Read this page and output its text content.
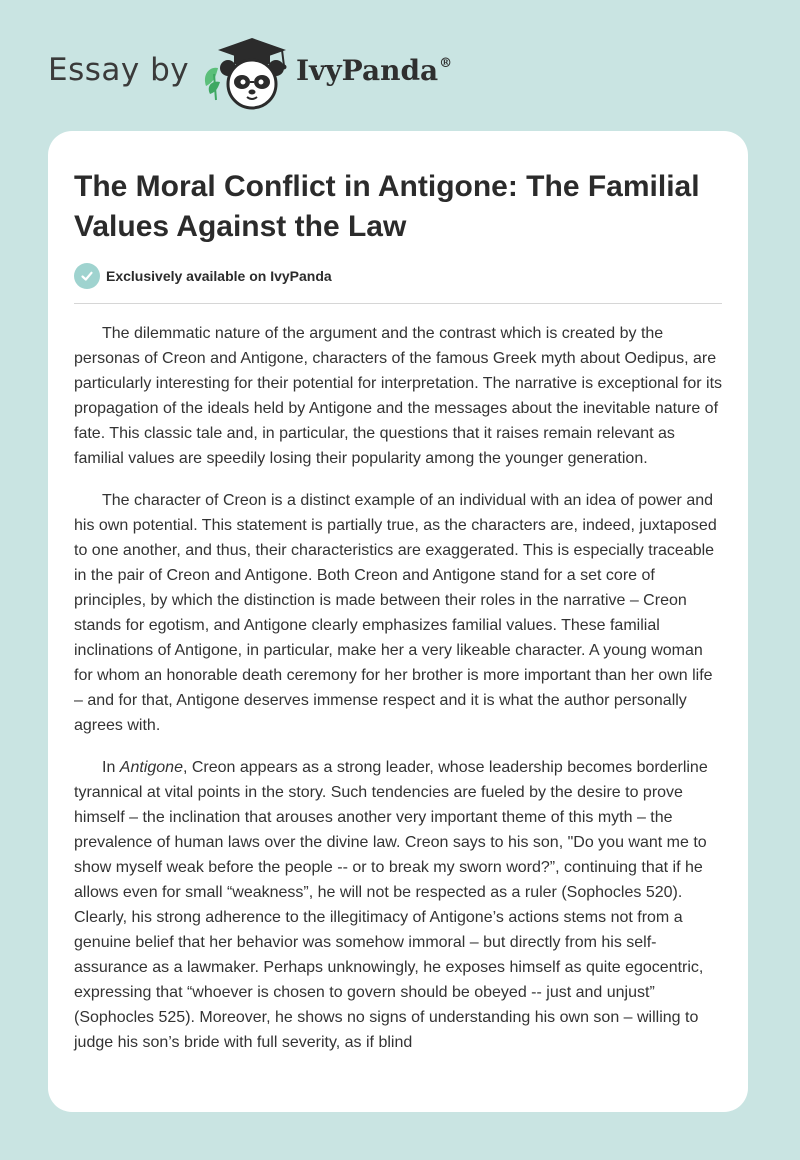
Essay by	IvyPanda®
The Moral Conflict in Antigone: The Familial Values Against the Law
Exclusively available on IvyPanda

The dilemmatic nature of the argument and the contrast which is created by the personas of Creon and Antigone, characters of the famous Greek myth about Oedipus, are particularly interesting for their potential for interpretation. The narrative is exceptional for its propagation of the ideals held by Antigone and the messages about the inevitable nature of fate. This classic tale and, in particular, the questions that it raises remain relevant as familial values are speedily losing their popularity among the younger generation.

The character of Creon is a distinct example of an individual with an idea of power and his own potential. This statement is partially true, as the characters are, indeed, juxtaposed to one another, and thus, their characteristics are exaggerated. This is especially traceable in the pair of Creon and Antigone. Both Creon and Antigone stand for a set core of principles, by which the distinction is made between their roles in the narrative – Creon stands for egotism, and Antigone clearly emphasizes familial values. These familial inclinations of Antigone, in particular, make her a very likeable character. A young woman for whom an honorable death ceremony for her brother is more important than her own life – and for that, Antigone deserves immense respect and it is what the author personally agrees with.

In Antigone, Creon appears as a strong leader, whose leadership becomes borderline tyrannical at vital points in the story. Such tendencies are fueled by the desire to prove himself – the inclination that arouses another very important theme of this myth – the prevalence of human laws over the divine law. Creon says to his son, "Do you want me to show myself weak before the people -- or to break my sworn word?”, continuing that if he allows even for small “weakness”, he will not be respected as a ruler (Sophocles 520). Clearly, his strong adherence to the illegitimacy of Antigone’s actions stems not from a genuine belief that her behavior was somehow immoral – but directly from his self-assurance as a lawmaker. Perhaps unknowingly, he exposes himself as quite egocentric, expressing that “whoever is chosen to govern should be obeyed -- just and unjust” (Sophocles 525). Moreover, he shows no signs of understanding his own son – willing to judge his son’s bride with full severity, as if blind
